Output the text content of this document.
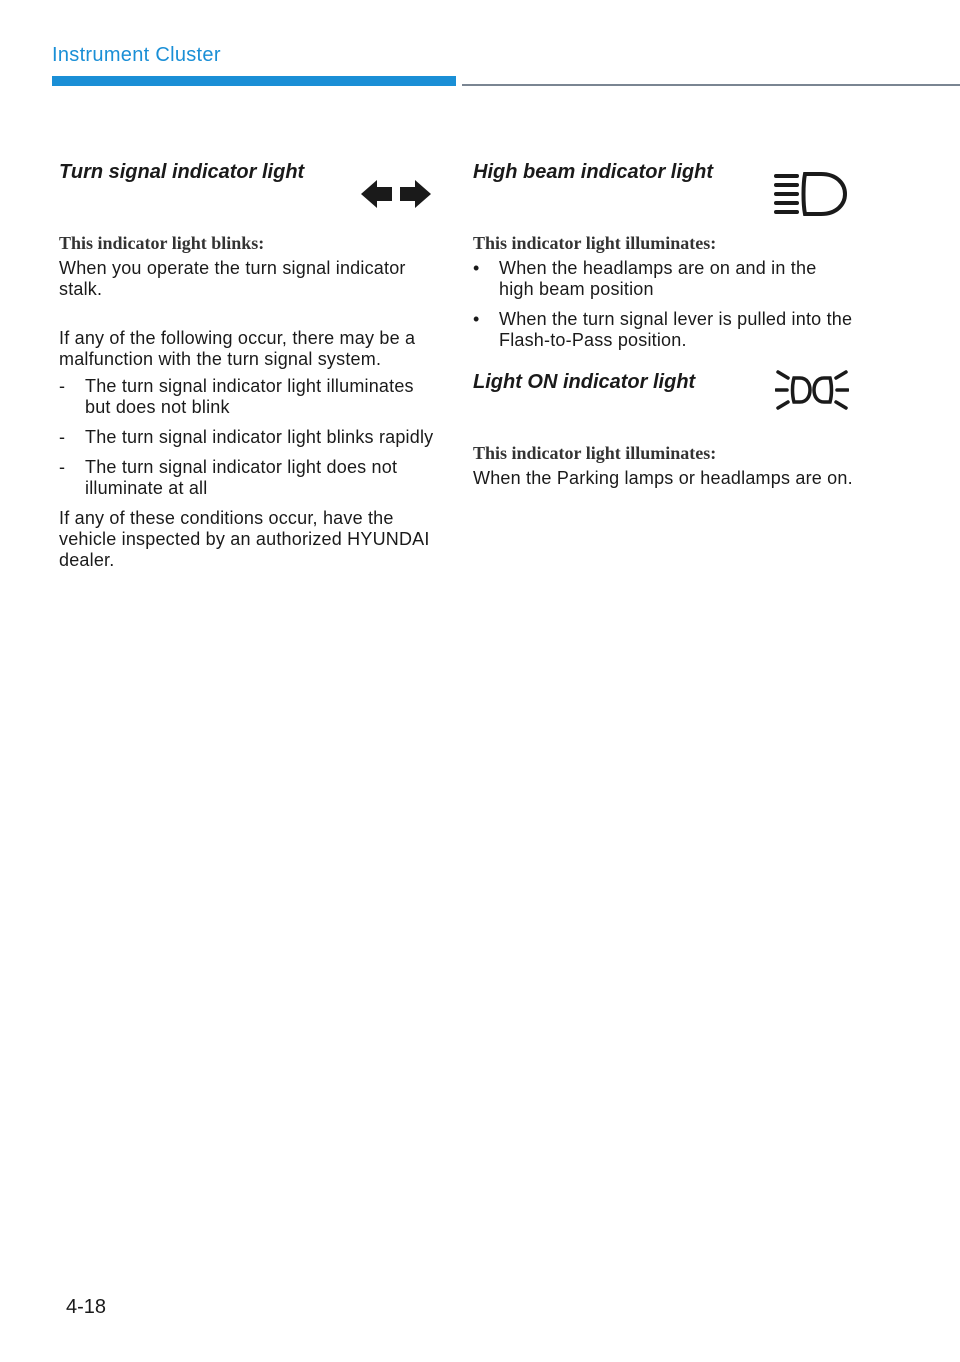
Instrument Cluster
Turn signal indicator light

This indicator light blinks:

When you operate the turn signal indicator stalk.

If any of the following occur, there may be a malfunction with the turn signal system.

- The turn signal indicator light illuminates but does not blink
- The turn signal indicator light blinks rapidly
- The turn signal indicator light does not illuminate at all

If any of these conditions occur, have the vehicle inspected by an authorized HYUNDAI dealer.

High beam indicator light

This indicator light illuminates:

• When the headlamps are on and in the high beam position
• When the turn signal lever is pulled into the Flash-to-Pass position.
Light ON indicator light

This indicator light illuminates:

When the Parking lamps or headlamps are on.

4-18
